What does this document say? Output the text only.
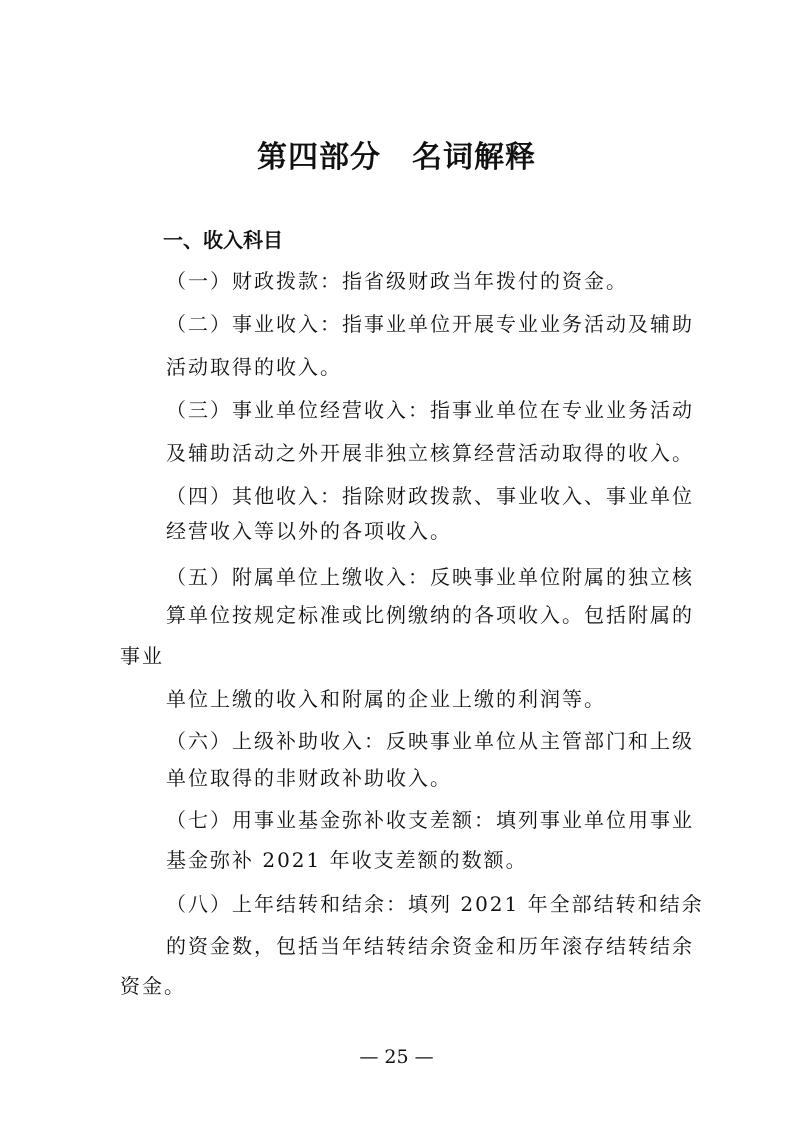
第四部分　名词解释
一、收入科目
（一）财政拨款：指省级财政当年拨付的资金。
（二）事业收入：指事业单位开展专业业务活动及辅助
活动取得的收入。
（三）事业单位经营收入：指事业单位在专业业务活动
及辅助活动之外开展非独立核算经营活动取得的收入。
（四）其他收入：指除财政拨款、事业收入、事业单位
经营收入等以外的各项收入。
（五）附属单位上缴收入：反映事业单位附属的独立核
算单位按规定标准或比例缴纳的各项收入。包括附属的
事业
单位上缴的收入和附属的企业上缴的利润等。
（六）上级补助收入：反映事业单位从主管部门和上级
单位取得的非财政补助收入。
（七）用事业基金弥补收支差额：填列事业单位用事业
基金弥补 2021 年收支差额的数额。
（八）上年结转和结余：填列 2021 年全部结转和结余
的资金数，包括当年结转结余资金和历年滚存结转结余
资金。
— 25 —
